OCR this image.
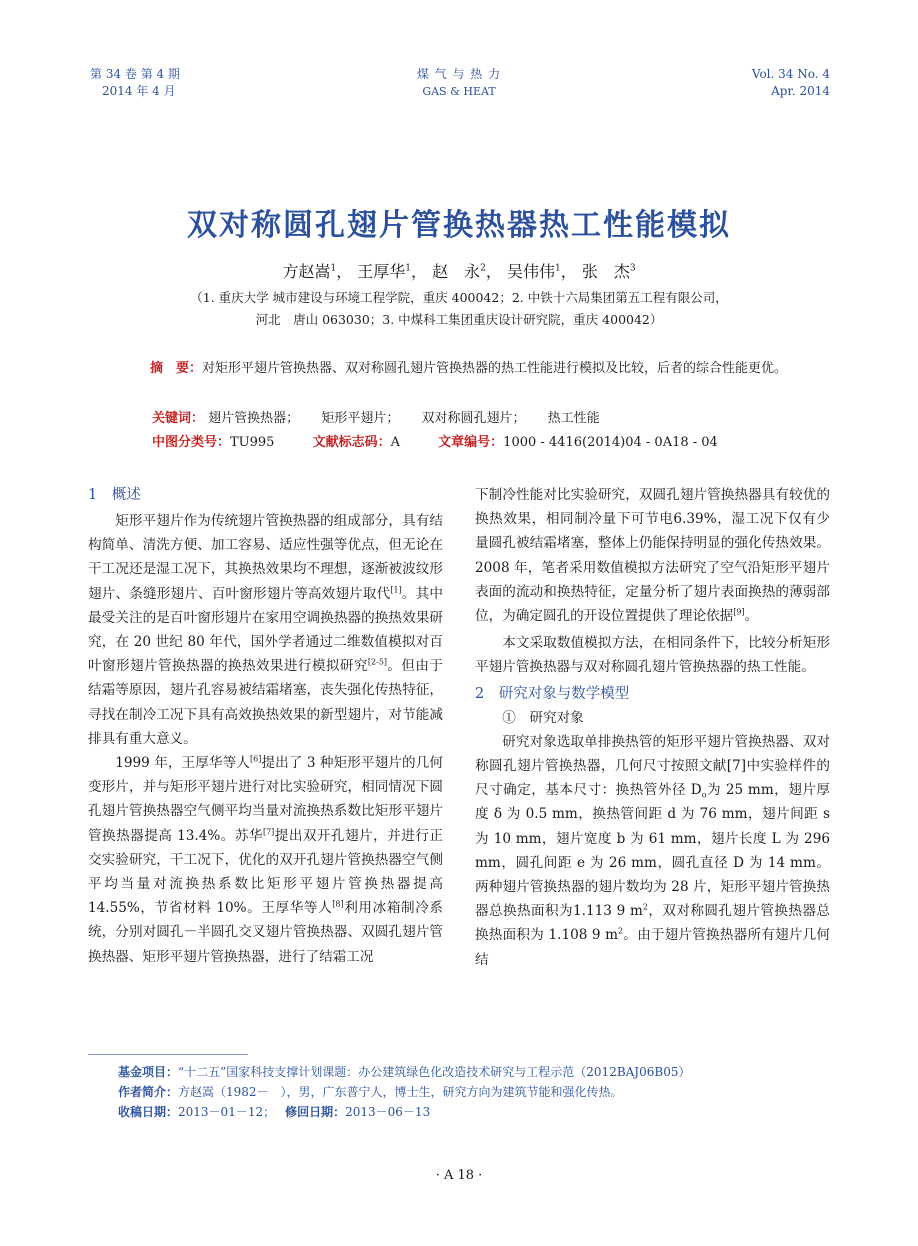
第 34 卷 第 4 期
2014 年 4 月
煤 气 与 热 力
GAS & HEAT
Vol. 34 No. 4
Apr. 2014
双对称圆孔翅片管换热器热工性能模拟
方赵嵩$^1$， 王厚华$^1$， 赵　永$^2$， 吴伟伟$^1$， 张　杰$^3$
（1. 重庆大学 城市建设与环境工程学院，重庆 400042；2. 中铁十六局集团第五工程有限公司，
河北　唐山 063030；3. 中煤科工集团重庆设计研究院，重庆 400042）
摘　要：对矩形平翅片管换热器、双对称圆孔翅片管换热器的热工性能进行模拟及比较，后者的综合性能更优。
关键词： 翅片管换热器； 矩形平翅片； 双对称圆孔翅片； 热工性能
中图分类号：TU995	文献标志码：A	文章编号：1000 - 4416(2014)04 - 0A18 - 04
1　概述

矩形平翅片作为传统翅片管换热器的组成部分，具有结构简单、清洗方便、加工容易、适应性强等优点，但无论在干工况还是湿工况下，其换热效果均不理想，逐渐被波纹形翅片、条缝形翅片、百叶窗形翅片等高效翅片取代[1]。其中最受关注的是百叶窗形翅片在家用空调换热器的换热效果研究，在 20 世纪 80 年代，国外学者通过二维数值模拟对百叶窗形翅片管换热器的换热效果进行模拟研究[2-5]。但由于结霜等原因，翅片孔容易被结霜堵塞，丧失强化传热特征，寻找在制冷工况下具有高效换热效果的新型翅片，对节能减排具有重大意义。

1999 年，王厚华等人[6]提出了 3 种矩形平翅片的几何变形片，并与矩形平翅片进行对比实验研究，相同情况下圆孔翅片管换热器空气侧平均当量对流换热系数比矩形平翅片管换热器提高 13.4%。苏华[7]提出双开孔翅片，并进行正交实验研究，干工况下，优化的双开孔翅片管换热器空气侧平均当量对流换热系数比矩形平翅片管换热器提高14.55%，节省材料 10%。王厚华等人[8]利用冰箱制冷系统，分别对圆孔－半圆孔交叉翅片管换热器、双圆孔翅片管换热器、矩形平翅片管换热器，进行了结霜工况

下制冷性能对比实验研究，双圆孔翅片管换热器具有较优的换热效果，相同制冷量下可节电6.39%，湿工况下仅有少量圆孔被结霜堵塞，整体上仍能保持明显的强化传热效果。2008 年，笔者采用数值模拟方法研究了空气沿矩形平翅片表面的流动和换热特征，定量分析了翅片表面换热的薄弱部位，为确定圆孔的开设位置提供了理论依据[9]。

本文采取数值模拟方法，在相同条件下，比较分析矩形平翅片管换热器与双对称圆孔翅片管换热器的热工性能。

2　研究对象与数学模型
①　研究对象

研究对象选取单排换热管的矩形平翅片管换热器、双对称圆孔翅片管换热器，几何尺寸按照文献[7]中实验样件的尺寸确定，基本尺寸：换热管外径 $D_o$为 25 mm，翅片厚度 δ 为 0.5 mm，换热管间距 d 为 76 mm，翅片间距 s 为 10 mm，翅片宽度 b 为 61 mm，翅片长度 L 为 296 mm，圆孔间距 e 为 26 mm，圆孔直径 D 为 14 mm。两种翅片管换热器的翅片数均为 28 片，矩形平翅片管换热器总换热面积为1.113 9 $m^2$，双对称圆孔翅片管换热器总换热面积为 1.108 9 $m^2$。由于翅片管换热器所有翅片几何结

基金项目：“十二五”国家科技支撑计划课题：办公建筑绿色化改造技术研究与工程示范（2012BAJ06B05）
作者简介：方赵嵩（1982－　），男，广东普宁人，博士生，研究方向为建筑节能和强化传热。
收稿日期：2013－01－12； 修回日期：2013－06－13
· A 18 ·
